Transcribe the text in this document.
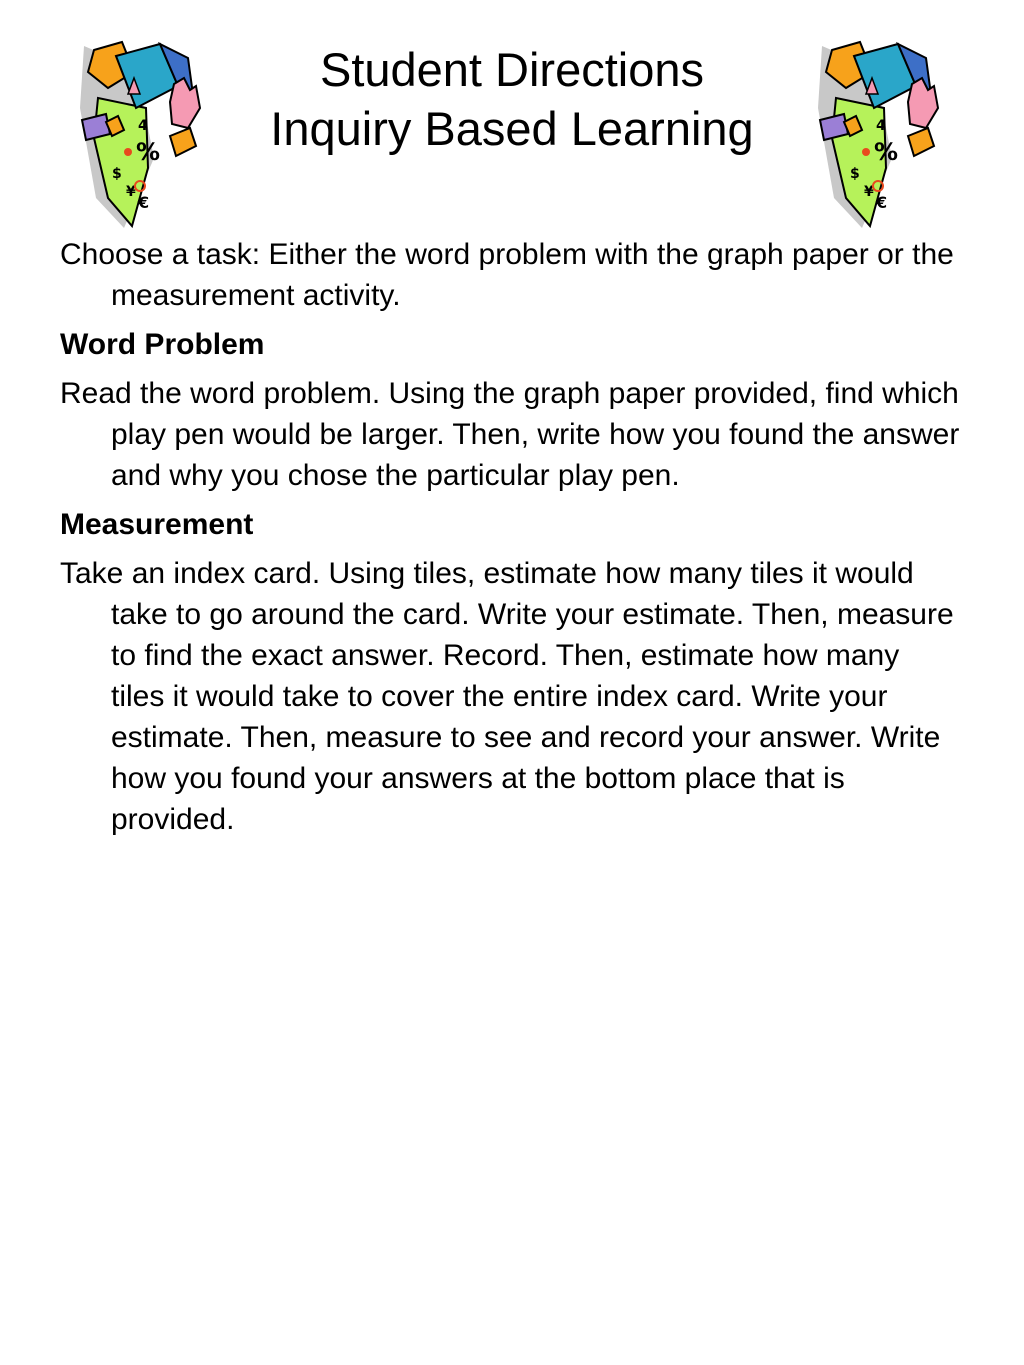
4
%
$
¥
€
Student Directions
Inquiry Based Learning	4
%
$
¥
€

Choose a task: Either the word problem with the graph paper or the measurement activity.

Word Problem

Read the word problem. Using the graph paper provided, find which play pen would be larger. Then, write how you found the answer and why you chose the particular play pen.

Measurement

Take an index card. Using tiles, estimate how many tiles it would take to go around the card. Write your estimate. Then, measure to find the exact answer. Record. Then, estimate how many tiles it would take to cover the entire index card. Write your estimate. Then, measure to see and record your answer. Write how you found your answers at the bottom place that is provided.
